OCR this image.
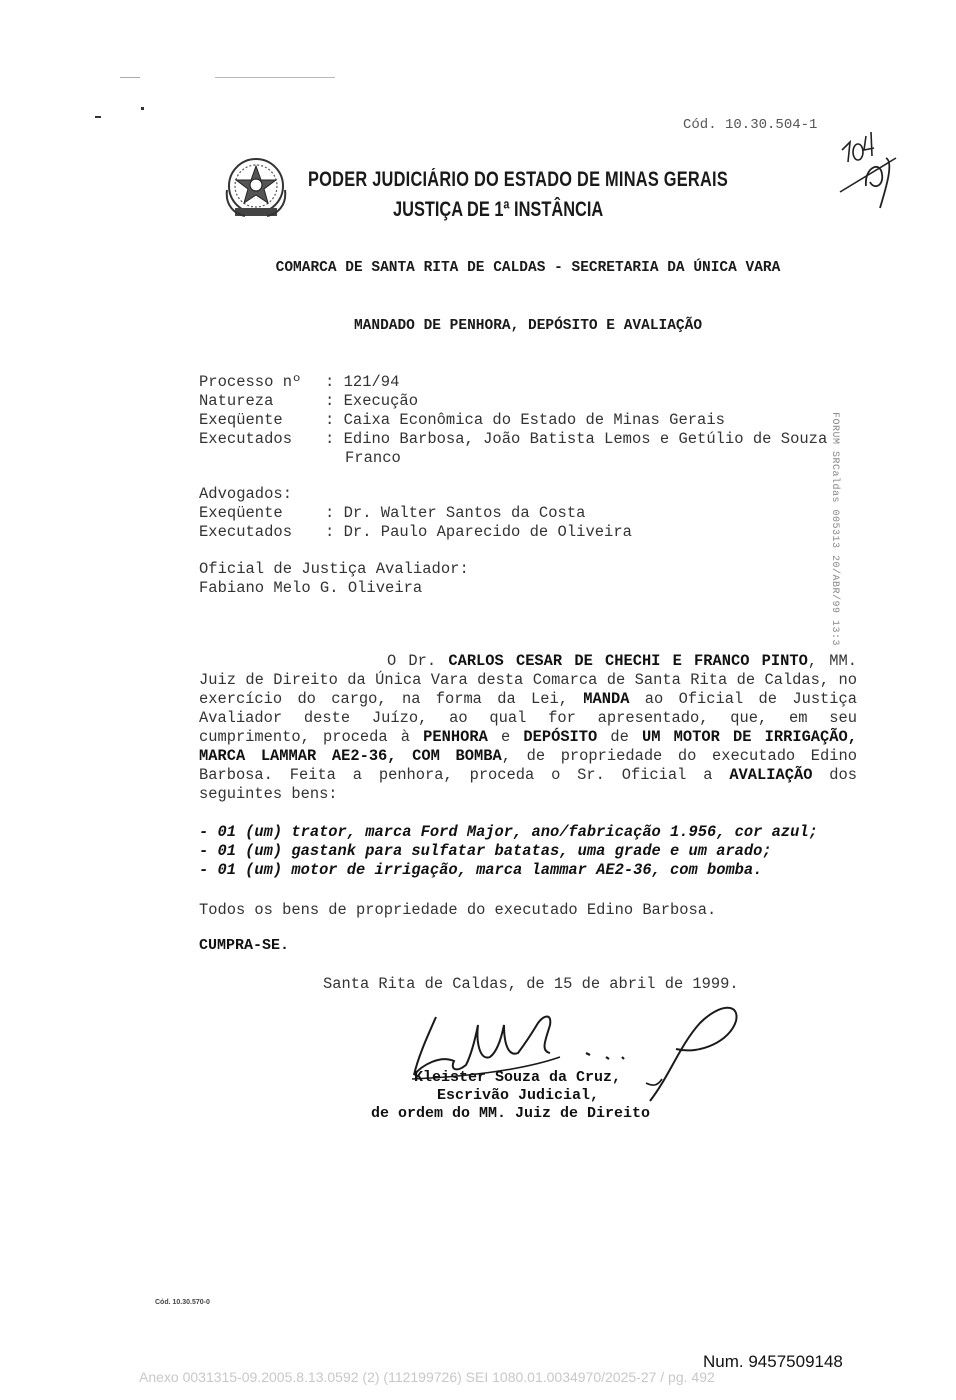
Cód. 10.30.504-1
PODER JUDICIÁRIO DO ESTADO DE MINAS GERAIS
JUSTIÇA DE 1ª INSTÂNCIA
COMARCA DE SANTA RITA DE CALDAS - SECRETARIA DA ÚNICA VARA
MANDADO DE PENHORA, DEPÓSITO E AVALIAÇÃO
Processo nº : 121/94
Natureza	: Execução
Exeqüente	: Caixa Econômica do Estado de Minas Gerais
Executados : Edino Barbosa, João Batista Lemos e Getúlio de Souza
Franco
Advogados:
Exeqüente	: Dr. Walter Santos da Costa
Executados : Dr. Paulo Aparecido de Oliveira
Oficial de Justiça Avaliador:
Fabiano Melo G. Oliveira
O Dr. CARLOS CESAR DE CHECHI E FRANCO PINTO, MM. Juiz de Direito da Única Vara desta Comarca de Santa Rita de Caldas, no exercício do cargo, na forma da Lei, MANDA ao Oficial de Justiça Avaliador deste Juízo, ao qual for apresentado, que, em seu cumprimento, proceda à PENHORA e DEPÓSITO de UM MOTOR DE IRRIGAÇÃO, MARCA LAMMAR AE2-36, COM BOMBA, de propriedade do executado Edino Barbosa. Feita a penhora, proceda o Sr. Oficial a AVALIAÇÃO dos seguintes bens:
- 01 (um) trator, marca Ford Major, ano/fabricação 1.956, cor azul;
- 01 (um) gastank para sulfatar batatas, uma grade e um arado;
- 01 (um) motor de irrigação, marca lammar AE2-36, com bomba.
Todos os bens de propriedade do executado Edino Barbosa.
CUMPRA-SE.
Santa Rita de Caldas, de 15 de abril de 1999.
Kleister Souza da Cruz,
Escrivão Judicial,
de ordem do MM. Juiz de Direito
Cód. 10.30.570-0
FORUM SRCaldas 005313 20/ABR/99 13:3
Num. 9457509148
Anexo 0031315-09.2005.8.13.0592 (2) (112199726) SEI 1080.01.0034970/2025-27 / pg. 492
